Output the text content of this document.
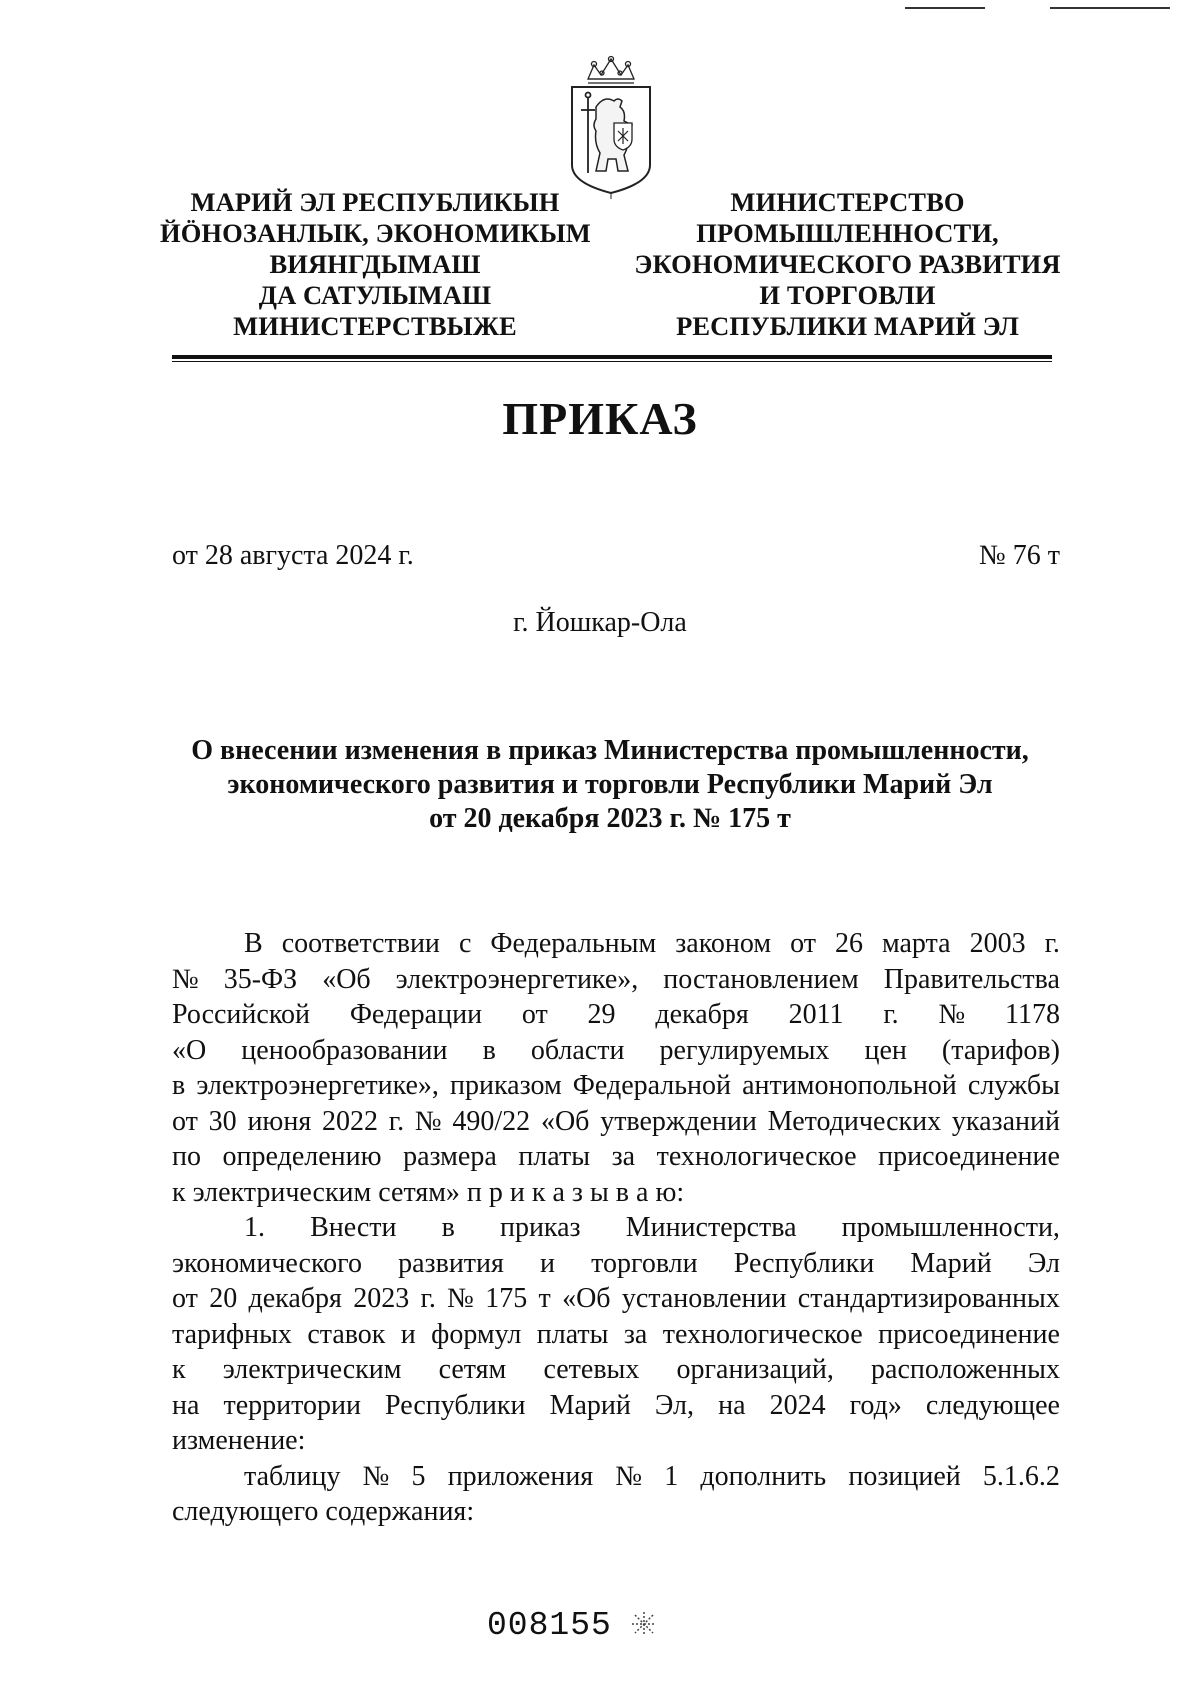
МАРИЙ ЭЛ РЕСПУБЛИКЫН
ЙӦНОЗАНЛЫК, ЭКОНОМИКЫМ
ВИЯНГДЫМАШ
ДА САТУЛЫМАШ
МИНИСТЕРСТВЫЖЕ
МИНИСТЕРСТВО
ПРОМЫШЛЕННОСТИ,
ЭКОНОМИЧЕСКОГО РАЗВИТИЯ
И ТОРГОВЛИ
РЕСПУБЛИКИ МАРИЙ ЭЛ
ПРИКАЗ
от 28 августа 2024 г.	№ 76 т
г. Йошкар-Ола
О внесении изменения в приказ Министерства промышленности,
экономического развития и торговли Республики Марий Эл
от 20 декабря 2023 г. № 175 т
В соответствии с Федеральным законом от 26 марта 2003 г.
№ 35-ФЗ «Об электроэнергетике», постановлением Правительства
Российской Федерации от 29 декабря 2011 г. № 1178
«О ценообразовании в области регулируемых цен (тарифов)
в электроэнергетике», приказом Федеральной антимонопольной службы
от 30 июня 2022 г. № 490/22 «Об утверждении Методических указаний
по определению размера платы за технологическое присоединение
к электрическим сетям» п р и к а з ы в а ю:
1. Внести в приказ Министерства промышленности,
экономического развития и торговли Республики Марий Эл
от 20 декабря 2023 г. № 175 т «Об установлении стандартизированных
тарифных ставок и формул платы за технологическое присоединение
к электрическим сетям сетевых организаций, расположенных
на территории Республики Марий Эл, на 2024 год» следующее
изменение:
таблицу № 5 приложения № 1 дополнить позицией 5.1.6.2
следующего содержания:
008155
